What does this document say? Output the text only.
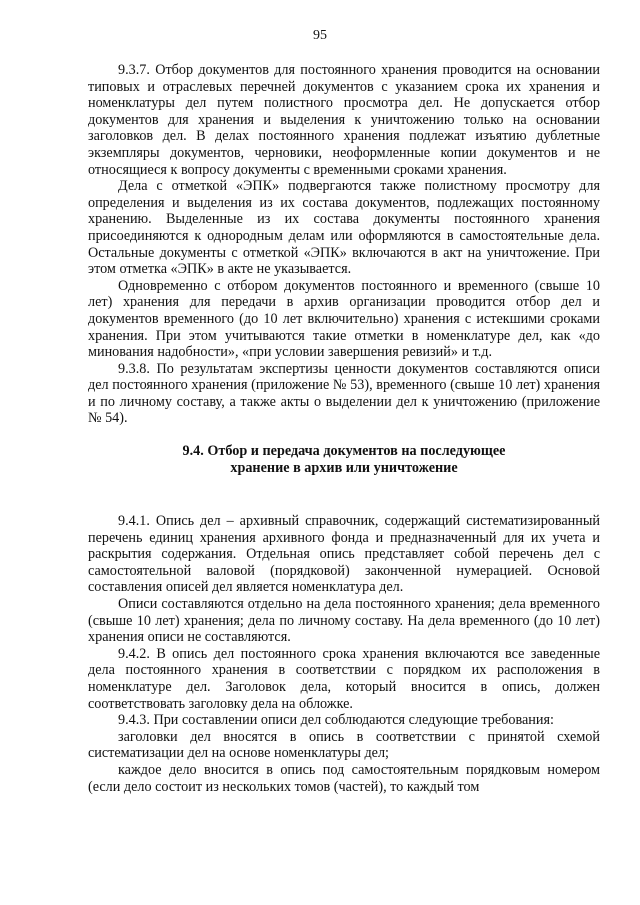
95

9.3.7. Отбор документов для постоянного хранения проводится на основании типовых и отраслевых перечней документов с указанием срока их хранения и номенклатуры дел путем полистного просмотра дел. Не допускается отбор документов для хранения и выделения к уничтожению только на основании заголовков дел. В делах постоянного хранения подлежат изъятию дублетные экземпляры документов, черновики, неоформленные копии документов и не относящиеся к вопросу документы с временными сроками хранения.

Дела с отметкой «ЭПК» подвергаются также полистному просмотру для определения и выделения из их состава документов, подлежащих постоянному хранению. Выделенные из их состава документы постоянного хранения присоединяются к однородным делам или оформляются в самостоятельные дела. Остальные документы с отметкой «ЭПК» включаются в акт на уничтожение. При этом отметка «ЭПК» в акте не указывается.

Одновременно с отбором документов постоянного и временного (свыше 10 лет) хранения для передачи в архив организации проводится отбор дел и документов временного (до 10 лет включительно) хранения с истекшими сроками хранения. При этом учитываются такие отметки в номенклатуре дел, как «до минования надобности», «при условии завершения ревизий» и т.д.

9.3.8. По результатам экспертизы ценности документов составляются описи дел постоянного хранения (приложение № 53), временного (свыше 10 лет) хранения и по личному составу, а также акты о выделении дел к уничтожению (приложение № 54).

9.4. Отбор и передача документов на последующее
хранение в архив или уничтожение

9.4.1. Опись дел – архивный справочник, содержащий систематизированный перечень единиц хранения архивного фонда и предназначенный для их учета и раскрытия содержания. Отдельная опись представляет собой перечень дел с самостоятельной валовой (порядковой) законченной нумерацией. Основой составления описей дел является номенклатура дел.

Описи составляются отдельно на дела постоянного хранения; дела временного (свыше 10 лет) хранения; дела по личному составу. На дела временного (до 10 лет) хранения описи не составляются.

9.4.2. В опись дел постоянного срока хранения включаются все заведенные дела постоянного хранения в соответствии с порядком их расположения в номенклатуре дел. Заголовок дела, который вносится в опись, должен соответствовать заголовку дела на обложке.

9.4.3. При составлении описи дел соблюдаются следующие требования:

заголовки дел вносятся в опись в соответствии с принятой схемой систематизации дел на основе номенклатуры дел;

каждое дело вносится в опись под самостоятельным порядковым номером (если дело состоит из нескольких томов (частей), то каждый том
